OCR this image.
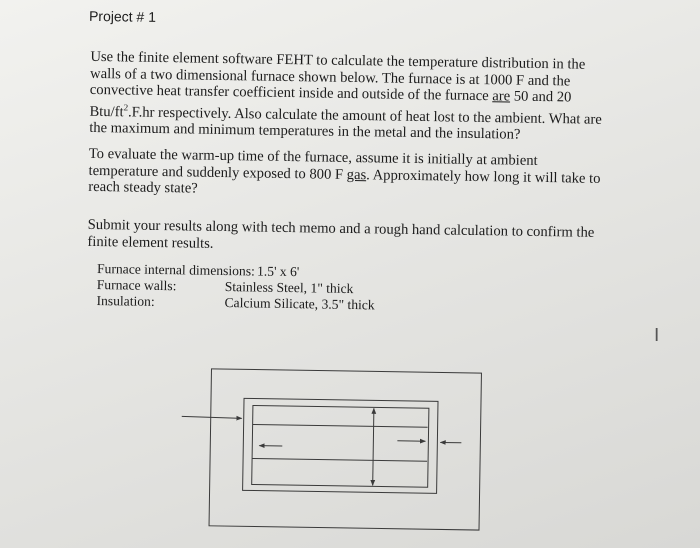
Project # 1
Use the finite element software FEHT to calculate the temperature distribution in the walls of a two dimensional furnace shown below. The furnace is at 1000 F and the convective heat transfer coefficient inside and outside of the furnace are 50 and 20 Btu/$ft^2.F.hr$ respectively. Also calculate the amount of heat lost to the ambient. What are the maximum and minimum temperatures in the metal and the insulation?
To evaluate the warm-up time of the furnace, assume it is initially at ambient temperature and suddenly exposed to 800 F gas. Approximately how long it will take to reach steady state?
Submit your results along with tech memo and a rough hand calculation to confirm the finite element results.
Furnace internal dimensions: 1.5' x 6'
Furnace walls:	Stainless Steel, 1" thick
Insulation:	Calcium Silicate, 3.5" thick
I
